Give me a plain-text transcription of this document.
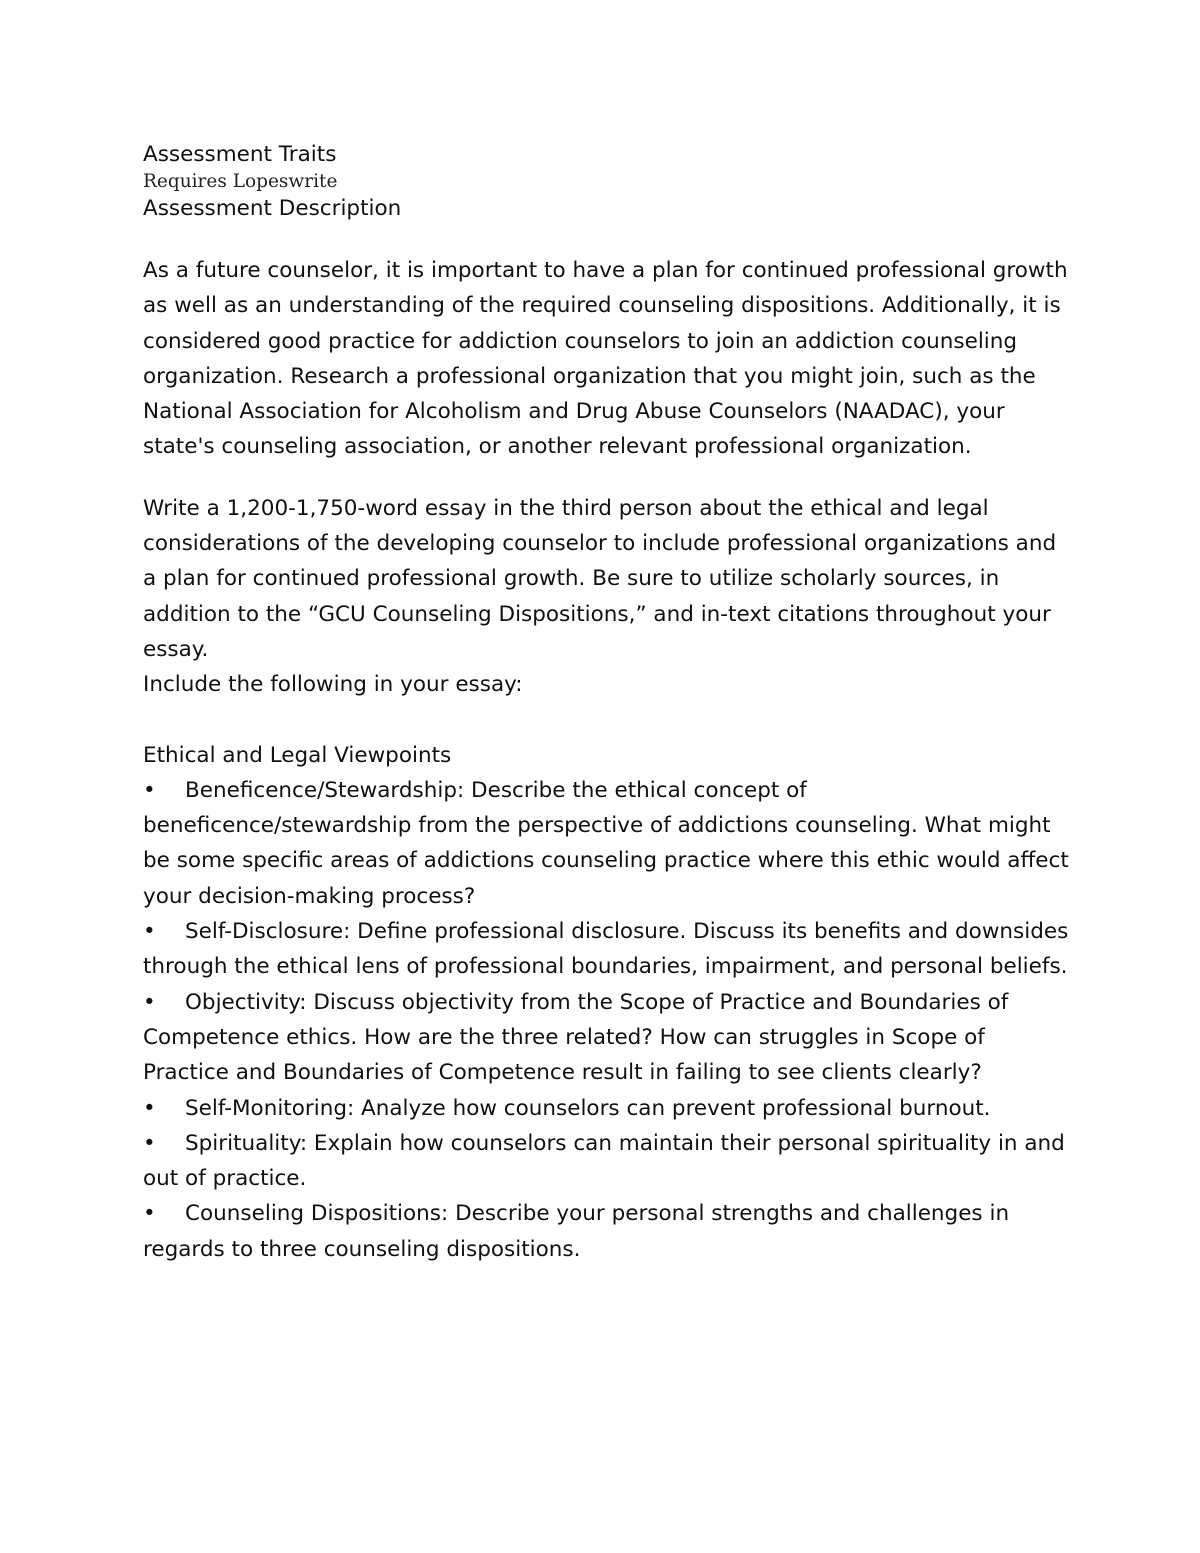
Assessment Traits

Requires Lopeswrite

Assessment Description

As a future counselor, it is important to have a plan for continued professional growth as well as an understanding of the required counseling dispositions. Additionally, it is considered good practice for addiction counselors to join an addiction counseling organization. Research a professional organization that you might join, such as the National Association for Alcoholism and Drug Abuse Counselors (NAADAC), your state's counseling association, or another relevant professional organization.

Write a 1,200-1,750-word essay in the third person about the ethical and legal considerations of the developing counselor to include professional organizations and a plan for continued professional growth. Be sure to utilize scholarly sources, in addition to the “GCU Counseling Dispositions,” and in-text citations throughout your essay.

Include the following in your essay:

Ethical and Legal Viewpoints

• Beneficence/Stewardship: Describe the ethical concept of beneficence/stewardship from the perspective of addictions counseling. What might be some specific areas of addictions counseling practice where this ethic would affect your decision-making process?
• Self-Disclosure: Define professional disclosure. Discuss its benefits and downsides through the ethical lens of professional boundaries, impairment, and personal beliefs.
• Objectivity: Discuss objectivity from the Scope of Practice and Boundaries of Competence ethics. How are the three related? How can struggles in Scope of Practice and Boundaries of Competence result in failing to see clients clearly?
• Self-Monitoring: Analyze how counselors can prevent professional burnout.
• Spirituality: Explain how counselors can maintain their personal spirituality in and out of practice.
• Counseling Dispositions: Describe your personal strengths and challenges in regards to three counseling dispositions.
